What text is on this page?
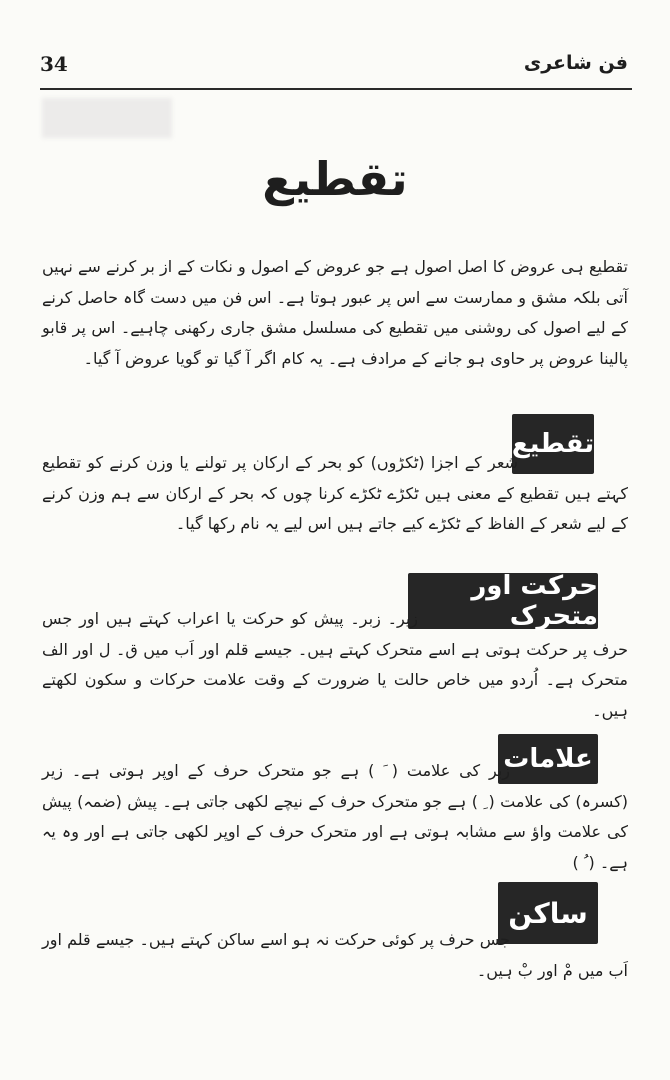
34	فن شاعری
تقطیع

تقطیع ہی عروض کا اصل اصول ہے جو عروض کے اصول و نکات کے از بر کرنے سے نہیں آتی بلکہ مشق و ممارست سے اس پر عبور ہوتا ہے۔ اس فن میں دست گاہ حاصل کرنے کے لیے اصول کی روشنی میں تقطیع کی مسلسل مشق جاری رکھنی چاہیے۔ اس پر قابو پالینا عروض پر حاوی ہو جانے کے مرادف ہے۔ یہ کام اگر آ گیا تو گویا عروض آ گیا۔

تقطیع

شعر کے اجزا (ٹکڑوں) کو بحر کے ارکان پر تولنے یا وزن کرنے کو تقطیع کہتے ہیں تقطیع کے معنی ہیں ٹکڑے ٹکڑے کرنا چوں کہ بحر کے ارکان سے ہم وزن کرنے کے لیے شعر کے الفاظ کے ٹکڑے کیے جاتے ہیں اس لیے یہ نام رکھا گیا۔

حرکت اور متحرک

زیر۔ زبر۔ پیش کو حرکت یا اعراب کہتے ہیں اور جس حرف پر حرکت ہوتی ہے اسے متحرک کہتے ہیں۔ جیسے قلم اور اَب میں ق۔ ل اور الف متحرک ہے۔ اُردو میں خاص حالت یا ضرورت کے وقت علامت حرکات و سکون لکھتے ہیں۔

علامات

زبر کی علامت ( َ ) ہے جو متحرک حرف کے اوپر ہوتی ہے۔ زیر (کسرہ) کی علامت ( ِ ) ہے جو متحرک حرف کے نیچے لکھی جاتی ہے۔ پیش (ضمہ) پیش کی علامت واؤ سے مشابہ ہوتی ہے اور متحرک حرف کے اوپر لکھی جاتی ہے اور وہ یہ ہے۔ ( ُ )

ساکن

جس حرف پر کوئی حرکت نہ ہو اسے ساکن کہتے ہیں۔ جیسے قلم اور اَب میں مْ اور بْ ہیں۔
